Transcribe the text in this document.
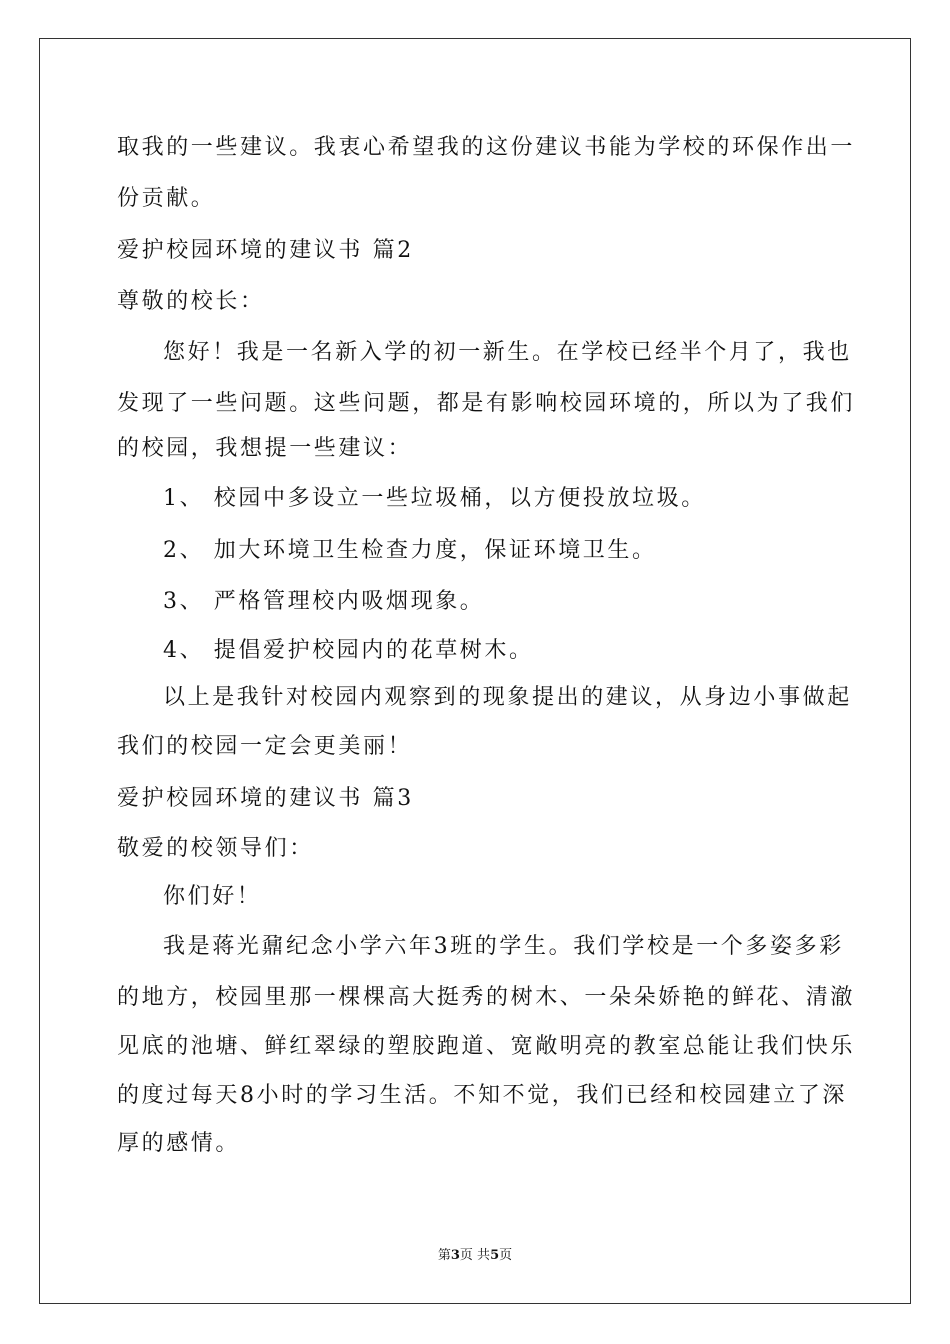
取我的一些建议。我衷心希望我的这份建议书能为学校的环保作出一
份贡献。
爱护校园环境的建议书 篇2
尊敬的校长：
您好！我是一名新入学的初一新生。在学校已经半个月了，我也
发现了一些问题。这些问题，都是有影响校园环境的，所以为了我们
的校园，我想提一些建议：
1、 校园中多设立一些垃圾桶，以方便投放垃圾。
2、 加大环境卫生检查力度，保证环境卫生。
3、 严格管理校内吸烟现象。
4、 提倡爱护校园内的花草树木。
以上是我针对校园内观察到的现象提出的建议，从身边小事做起
我们的校园一定会更美丽！
爱护校园环境的建议书 篇3
敬爱的校领导们：
你们好！
我是蒋光鼐纪念小学六年3班的学生。我们学校是一个多姿多彩
的地方，校园里那一棵棵高大挺秀的树木、一朵朵娇艳的鲜花、清澈
见底的池塘、鲜红翠绿的塑胶跑道、宽敞明亮的教室总能让我们快乐
的度过每天8小时的学习生活。不知不觉，我们已经和校园建立了深
厚的感情。
第3页 共5页
